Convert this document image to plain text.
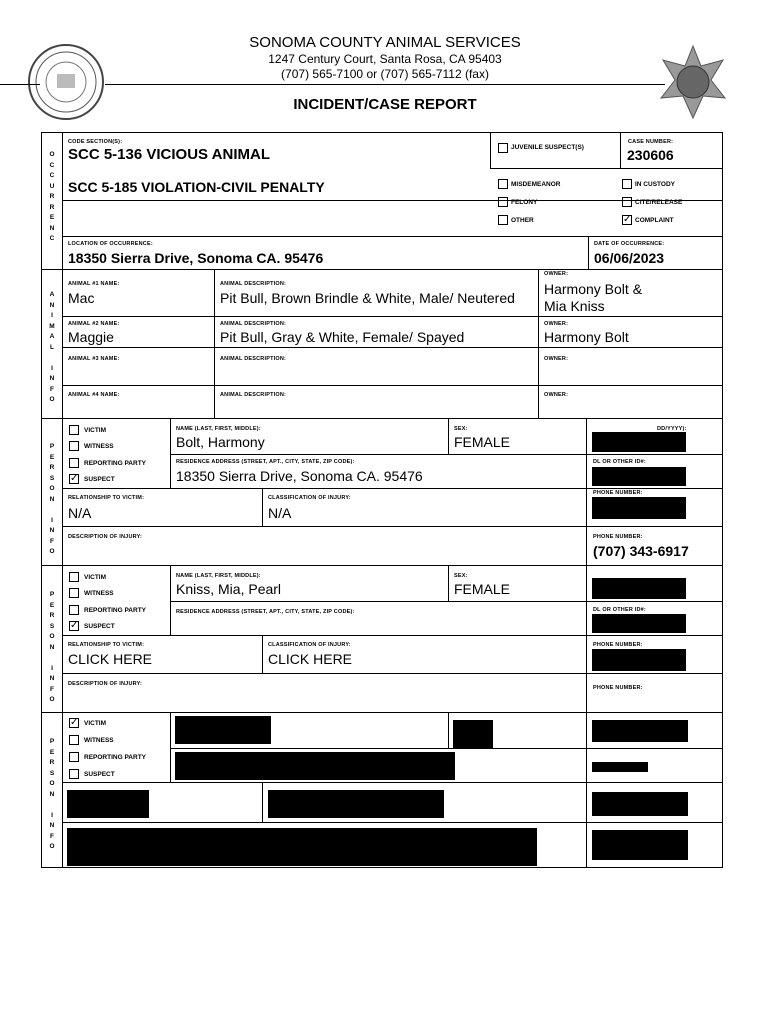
SONOMA COUNTY ANIMAL SERVICES
1247 Century Court, Santa Rosa, CA 95403
(707) 565-7100 or (707) 565-7112 (fax)
INCIDENT/CASE REPORT
O
C
C
U
R
R
E
N
C
CODE SECTION(S):
SCC 5-136 VICIOUS ANIMAL
SCC 5-185 VIOLATION-CIVIL PENALTY
JUVENILE SUSPECT(S)
CASE NUMBER:
230606
MISDEMEANOR
FELONY
OTHER
IN CUSTODY
CITE/RELEASE
✓ COMPLAINT
LOCATION OF OCCURRENCE:
18350 Sierra Drive, Sonoma CA. 95476
DATE OF OCCURRENCE:
06/06/2023
A
N
I
M
A
L

I
N
F
O
ANIMAL #1 NAME:
Mac
ANIMAL DESCRIPTION:
Pit Bull, Brown Brindle & White, Male/ Neutered
OWNER:
Harmony Bolt &
Mia Kniss
ANIMAL #2 NAME:
Maggie
ANIMAL DESCRIPTION:
Pit Bull, Gray & White, Female/ Spayed
OWNER:
Harmony Bolt
ANIMAL #3 NAME:	ANIMAL DESCRIPTION:	OWNER:
ANIMAL #4 NAME:	ANIMAL DESCRIPTION:	OWNER:
P
E
R
S
O
N

I
N
F
O
VICTIM
WITNESS
REPORTING PARTY
✓ SUSPECT
NAME (LAST, FIRST, MIDDLE):
Bolt, Harmony
SEX:
FEMALE
DD/YYYY):
RESIDENCE ADDRESS (STREET, APT., CITY, STATE, ZIP CODE):
18350 Sierra Drive, Sonoma CA. 95476
DL OR OTHER ID#:
RELATIONSHIP TO VICTIM:
N/A
CLASSIFICATION OF INJURY:
N/A
PHONE NUMBER:
DESCRIPTION OF INJURY:	PHONE NUMBER:
(707) 343-6917
P
E
R
S
O
N

I
N
F
O
VICTIM
WITNESS
REPORTING PARTY
✓ SUSPECT
NAME (LAST, FIRST, MIDDLE):
Kniss, Mia, Pearl
SEX:
FEMALE
RESIDENCE ADDRESS (STREET, APT., CITY, STATE, ZIP CODE):	DL OR OTHER ID#:
RELATIONSHIP TO VICTIM:
CLICK HERE
CLASSIFICATION OF INJURY:
CLICK HERE
PHONE NUMBER:
DESCRIPTION OF INJURY:
PHONE NUMBER:
P
E
R
S
O
N

I
N
F
O
✓ VICTIM
WITNESS
REPORTING PARTY
SUSPECT
